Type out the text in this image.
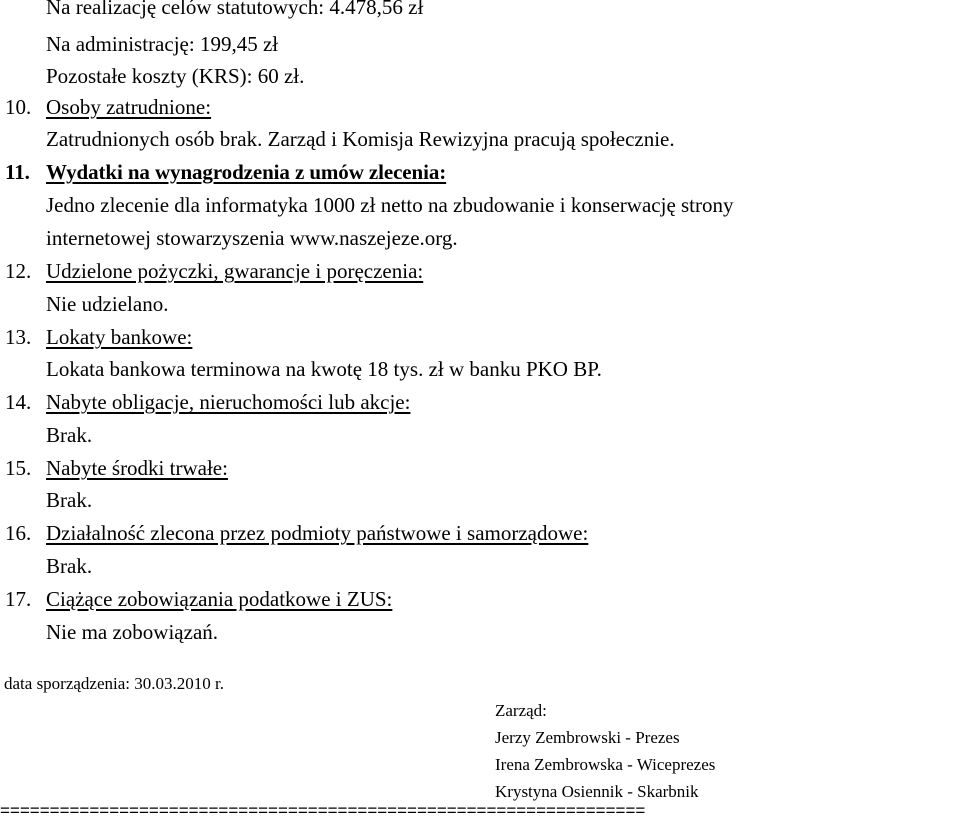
Na realizację celów statutowych: 4.478,56 zł
Na administrację: 199,45 zł
Pozostałe koszty (KRS): 60 zł.
10. Osoby zatrudnione:
Zatrudnionych osób brak. Zarząd i Komisja Rewizyjna pracują społecznie.
11. Wydatki na wynagrodzenia z umów zlecenia:
Jedno zlecenie dla informatyka 1000 zł netto na zbudowanie i konserwację strony
internetowej stowarzyszenia www.naszejeze.org.
12. Udzielone pożyczki, gwarancje i poręczenia:
Nie udzielano.
13. Lokaty bankowe:
Lokata bankowa terminowa na kwotę 18 tys. zł w banku PKO BP.
14. Nabyte obligacje, nieruchomości lub akcje:
Brak.
15. Nabyte środki trwałe:
Brak.
16. Działalność zlecona przez podmioty państwowe i samorządowe:
Brak.
17. Ciążące zobowiązania podatkowe i ZUS:
Nie ma zobowiązań.
data sporządzenia: 30.03.2010 r.
Zarząd:
Jerzy Zembrowski - Prezes
Irena Zembrowska - Wiceprezes
Krystyna Osiennik - Skarbnik
=================================================================
